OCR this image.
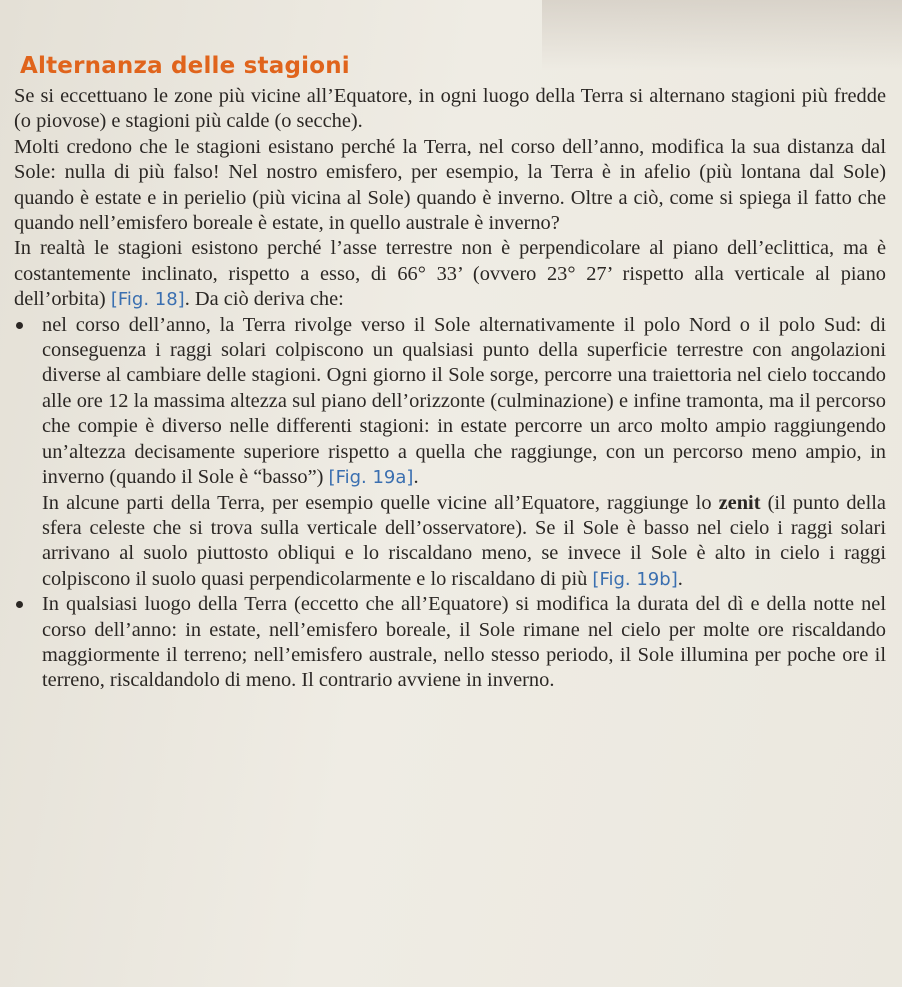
Alternanza delle stagioni

Se si eccettuano le zone più vicine all’Equatore, in ogni luogo della Terra si alternano stagioni più fredde (o piovose) e stagioni più calde (o secche).

Molti credono che le stagioni esistano perché la Terra, nel corso dell’anno, modifica la sua distanza dal Sole: nulla di più falso! Nel nostro emisfero, per esempio, la Terra è in afelio (più lontana dal Sole) quando è estate e in perielio (più vicina al Sole) quando è inverno. Oltre a ciò, come si spiega il fatto che quando nell’emisfero boreale è estate, in quello australe è inverno?

In realtà le stagioni esistono perché l’asse terrestre non è perpendicolare al piano dell’eclittica, ma è costantemente inclinato, rispetto a esso, di 66° 33’ (ovvero 23° 27’ rispetto alla verticale al piano dell’orbita) [Fig. 18]. Da ciò deriva che:

nel corso dell’anno, la Terra rivolge verso il Sole alternativamente il polo Nord o il polo Sud: di conseguenza i raggi solari colpiscono un qualsiasi punto della superficie terrestre con angolazioni diverse al cambiare delle stagioni. Ogni giorno il Sole sorge, percorre una traiettoria nel cielo toccando alle ore 12 la massima altezza sul piano dell’orizzonte (culminazione) e infine tramonta, ma il percorso che compie è diverso nelle differenti stagioni: in estate percorre un arco molto ampio raggiungendo un’altezza decisamente superiore rispetto a quella che raggiunge, con un percorso meno ampio, in inverno (quando il Sole è “basso”) [Fig. 19a].
In alcune parti della Terra, per esempio quelle vicine all’Equatore, raggiunge lo zenit (il punto della sfera celeste che si trova sulla verticale dell’osservatore). Se il Sole è basso nel cielo i raggi solari arrivano al suolo piuttosto obliqui e lo riscaldano meno, se invece il Sole è alto in cielo i raggi colpiscono il suolo quasi perpendicolarmente e lo riscaldano di più [Fig. 19b].
In qualsiasi luogo della Terra (eccetto che all’Equatore) si modifica la durata del dì e della notte nel corso dell’anno: in estate, nell’emisfero boreale, il Sole rimane nel cielo per molte ore riscaldando maggiormente il terreno; nell’emisfero australe, nello stesso periodo, il Sole illumina per poche ore il terreno, riscaldandolo di meno. Il contrario avviene in inverno.
